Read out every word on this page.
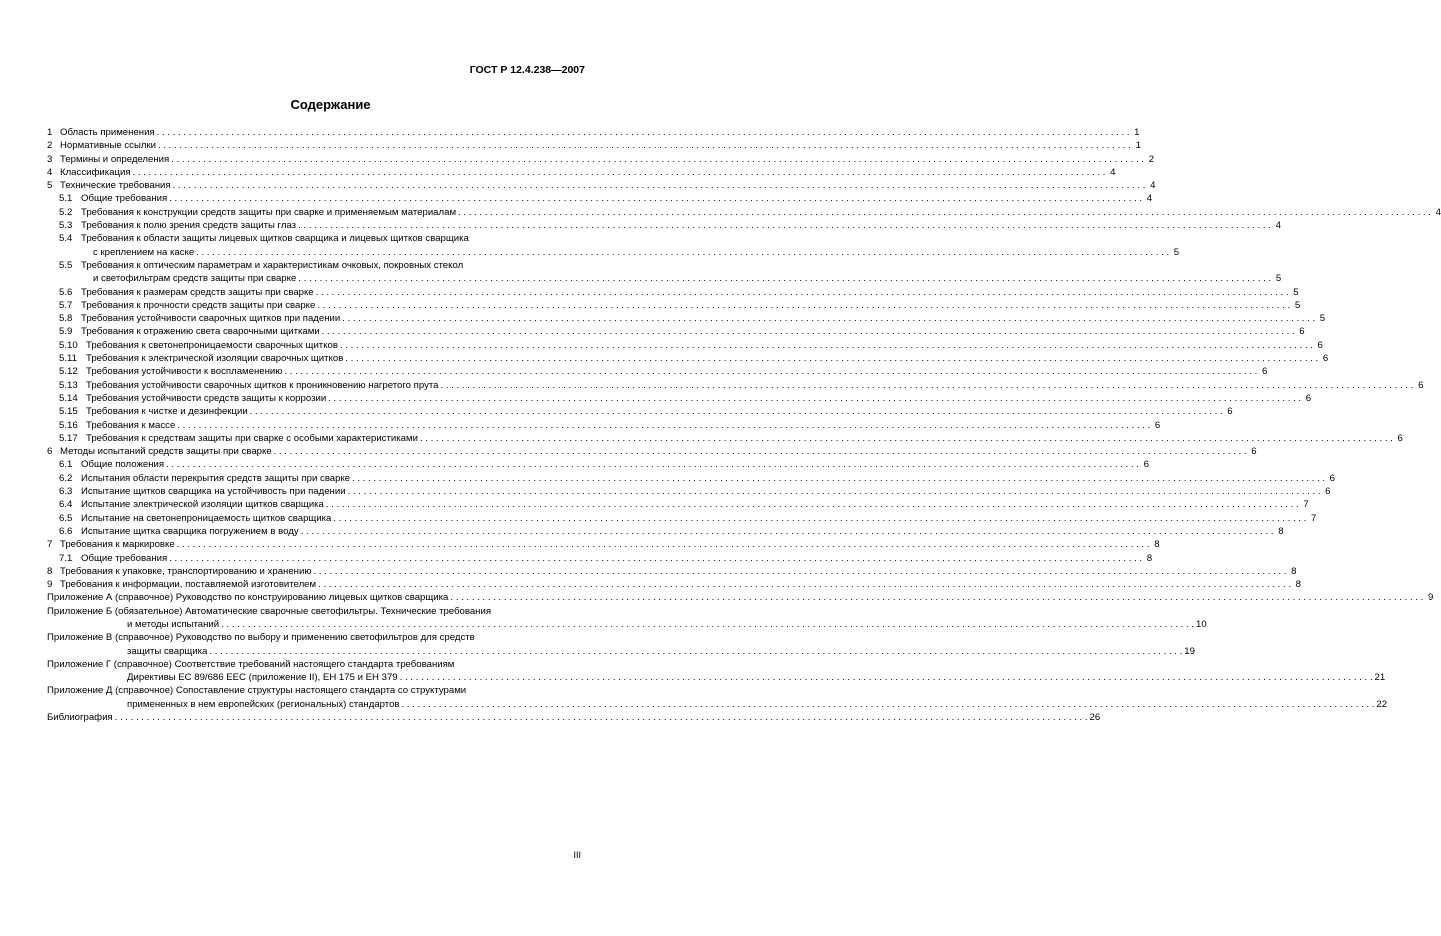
ГОСТ Р 12.4.238—2007
Содержание
1 Область применения . . .	1
2 Нормативные ссылки . . .	1
3 Термины и определения . . .	2
4 Классификация . . .	4
5 Технические требования . . .	4
5.1 Общие требования . . .	4
5.2 Требования к конструкции средств защиты при сварке и применяемым материалам . . .	4
5.3 Требования к полю зрения средств защиты глаз . . .	4
5.4 Требования к области защиты лицевых щитков сварщика и лицевых щитков сварщика
с креплением на каске . . .	5
5.5 Требования к оптическим параметрам и характеристикам очковых, покровных стекол
и светофильтрам средств защиты при сварке . . .	5
5.6 Требования к размерам средств защиты при сварке . . .	5
5.7 Требования к прочности средств защиты при сварке . . .	5
5.8 Требования устойчивости сварочных щитков при падении . . .	5
5.9 Требования к отражению света сварочными щитками . . .	6
5.10 Требования к светонепроницаемости сварочных щитков . . .	6
5.11 Требования к электрической изоляции сварочных щитков . . .	6
5.12 Требования устойчивости к воспламенению . . .	6
5.13 Требования устойчивости сварочных щитков к проникновению нагретого прута . . .	6
5.14 Требования устойчивости средств защиты к коррозии . . .	6
5.15 Требования к чистке и дезинфекции . . .	6
5.16 Требования к массе . . .	6
5.17 Требования к средствам защиты при сварке с особыми характеристиками . . .	6
6 Методы испытаний средств защиты при сварке . . .	6
6.1 Общие положения . . .	6
6.2 Испытания области перекрытия средств защиты при сварке . . .	6
6.3 Испытание щитков сварщика на устойчивость при падении . . .	6
6.4 Испытание электрической изоляции щитков сварщика . . .	7
6.5 Испытание на светонепроницаемость щитков сварщика . . .	7
6.6 Испытание щитка сварщика погружением в воду . . .	8
7 Требования к маркировке . . .	8
7.1 Общие требования . . .	8
8 Требования к упаковке, транспортированию и хранению . . .	8
9 Требования к информации, поставляемой изготовителем . . .	8
Приложение А (справочное) Руководство по конструированию лицевых щитков сварщика . . .	9
Приложение Б (обязательное) Автоматические сварочные светофильтры. Технические требования
и методы испытаний . . .	10
Приложение В (справочное) Руководство по выбору и применению светофильтров для средств
защиты сварщика . . .	19
Приложение Г (справочное) Соответствие требований настоящего стандарта требованиям
Директивы ЕС 89/686 ЕЕС (приложение II), ЕН 175 и ЕН 379 . . .	21
Приложение Д (справочное) Сопоставление структуры настоящего стандарта со структурами
примененных в нем европейских (региональных) стандартов . . .	22
Библиография . . .	26
III
